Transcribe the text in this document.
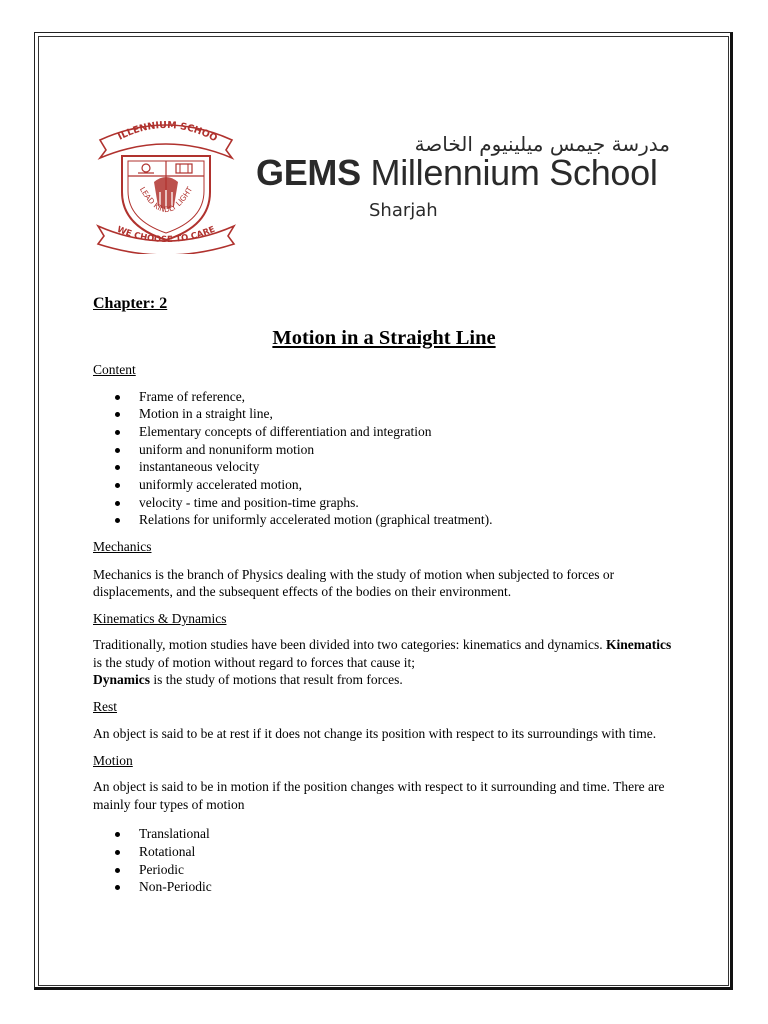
ILLENNIUM SCHOO
LEAD KINDLY LIGHT
WE CHOOSE TO CARE
مدرسة جيمس ميلينيوم الخاصة
GEMS Millennium School
Sharjah

Chapter: 2

Motion in a Straight Line

Content

Frame of reference,
Motion in a straight line,
Elementary concepts of differentiation and integration
uniform and nonuniform motion
instantaneous velocity
uniformly accelerated motion,
velocity - time and position-time graphs.
Relations for uniformly accelerated motion (graphical treatment).

Mechanics

Mechanics is the branch of Physics dealing with the study of motion when subjected to forces or displacements, and the subsequent effects of the bodies on their environment.

Kinematics & Dynamics

Traditionally, motion studies have been divided into two categories: kinematics and dynamics. Kinematics is the study of motion without regard to forces that cause it;
Dynamics is the study of motions that result from forces.

Rest

An object is said to be at rest if it does not change its position with respect to its surroundings with time.

Motion

An object is said to be in motion if the position changes with respect to it surrounding and time. There are mainly four types of motion

Translational
Rotational
Periodic
Non-Periodic
